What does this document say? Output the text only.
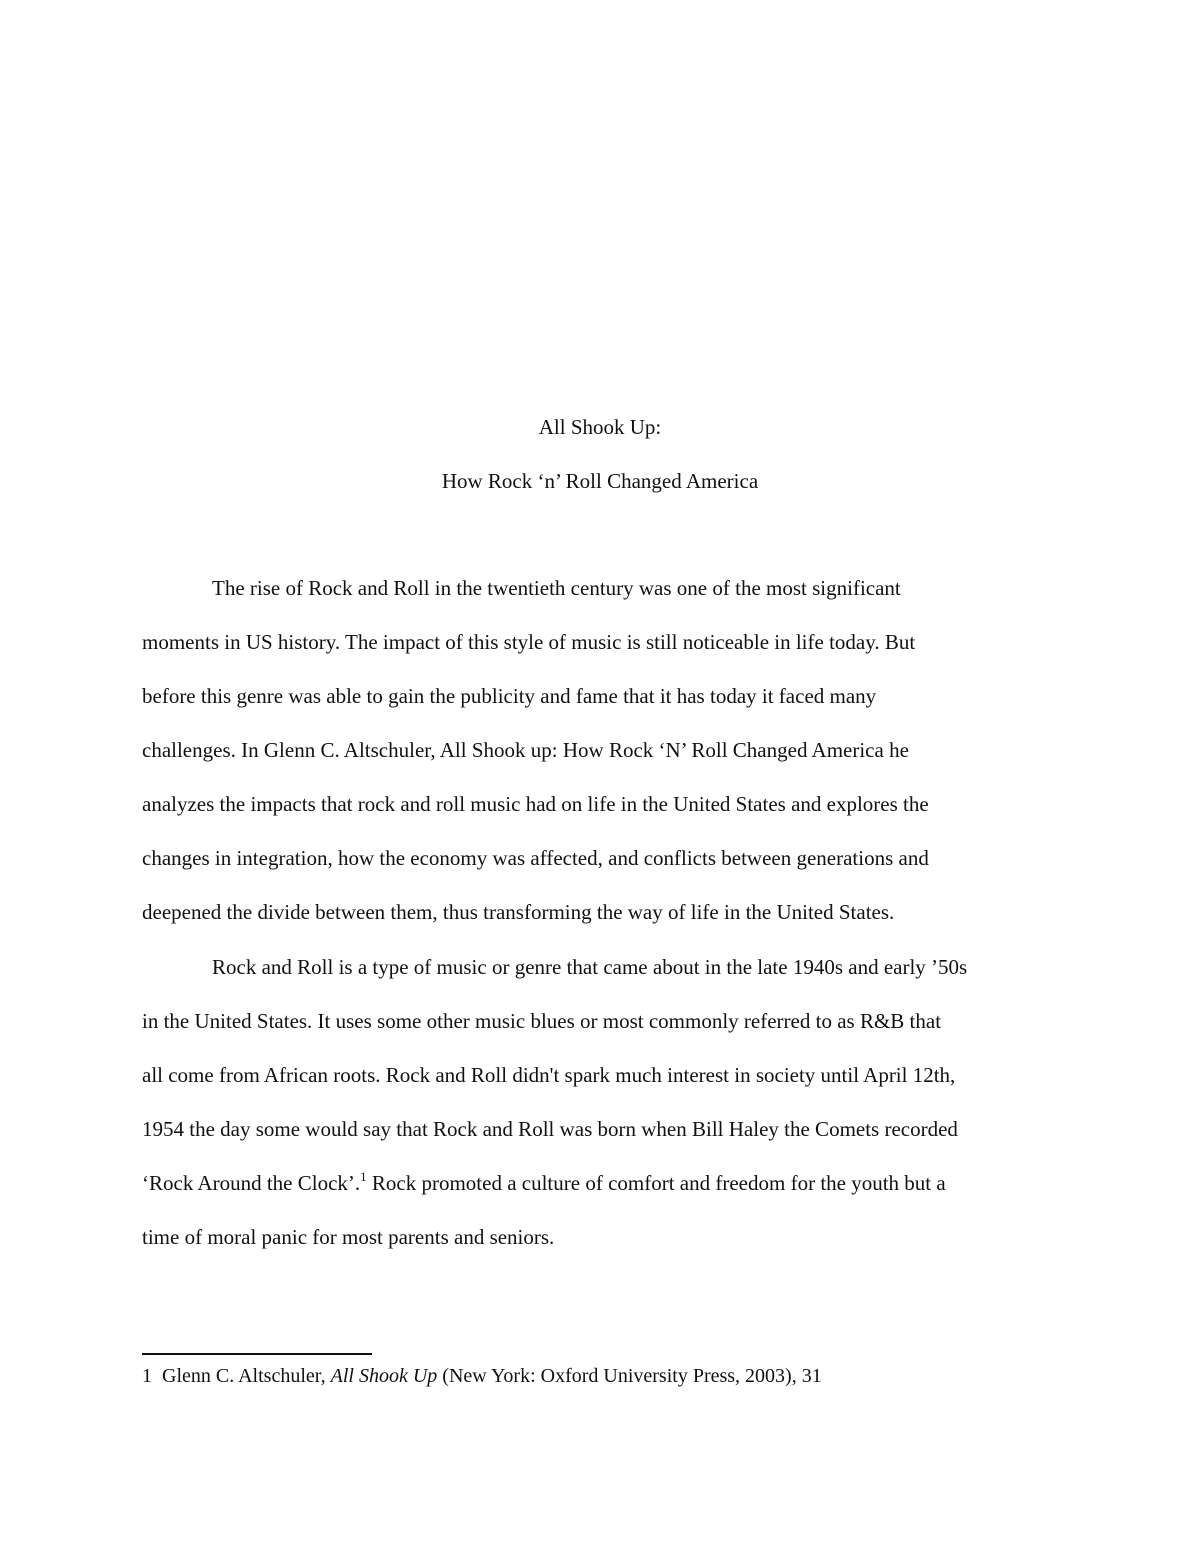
All Shook Up:
How Rock ‘n’ Roll Changed America
The rise of Rock and Roll in the twentieth century was one of the most significant
moments in US history. The impact of this style of music is still noticeable in life today. But
before this genre was able to gain the publicity and fame that it has today it faced many
challenges. In Glenn C. Altschuler, All Shook up: How Rock ‘N’ Roll Changed America he
analyzes the impacts that rock and roll music had on life in the United States and explores the
changes in integration, how the economy was affected, and conflicts between generations and
deepened the divide between them, thus transforming the way of life in the United States.
Rock and Roll is a type of music or genre that came about in the late 1940s and early ’50s
in the United States. It uses some other music blues or most commonly referred to as R&B that
all come from African roots. Rock and Roll didn't spark much interest in society until April 12th,
1954 the day some would say that Rock and Roll was born when Bill Haley the Comets recorded
‘Rock Around the Clock’.$^1$ Rock promoted a culture of comfort and freedom for the youth but a
time of moral panic for most parents and seniors.
1 Glenn C. Altschuler, All Shook Up (New York: Oxford University Press, 2003), 31
